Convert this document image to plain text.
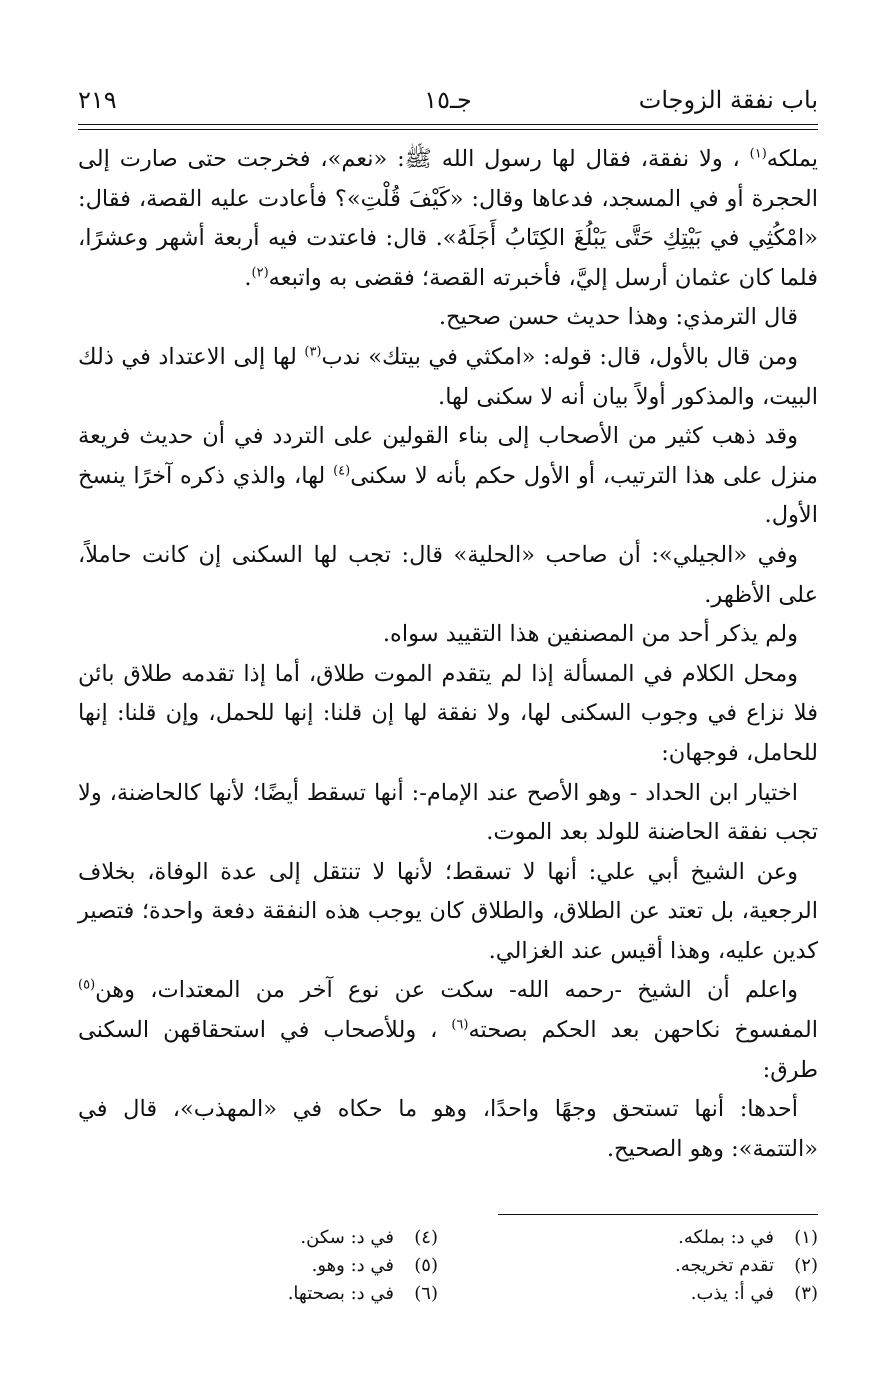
باب نفقة الزوجات
جـ١٥
٢١٩

يملكه$^{(١)}$ ، ولا نفقة، فقال لها رسول الله ﷺ: «نعم»، فخرجت حتى صارت إلى الحجرة أو في المسجد، فدعاها وقال: «كَيْفَ قُلْتِ»؟ فأعادت عليه القصة، فقال: «امْكُثِي في بَيْتِكِ حَتَّى يَبْلُغَ الكِتَابُ أَجَلَهُ». قال: فاعتدت فيه أربعة أشهر وعشرًا، فلما كان عثمان أرسل إليَّ، فأخبرته القصة؛ فقضى به واتبعه$^{(٢)}$.

قال الترمذي: وهذا حديث حسن صحيح.

ومن قال بالأول، قال: قوله: «امكثي في بيتك» ندب$^{(٣)}$ لها إلى الاعتداد في ذلك البيت، والمذكور أولاً بيان أنه لا سكنى لها.

وقد ذهب كثير من الأصحاب إلى بناء القولين على التردد في أن حديث فريعة منزل على هذا الترتيب، أو الأول حكم بأنه لا سكنى$^{(٤)}$ لها، والذي ذكره آخرًا ينسخ الأول.

وفي «الجيلي»: أن صاحب «الحلية» قال: تجب لها السكنى إن كانت حاملاً، على الأظهر.

ولم يذكر أحد من المصنفين هذا التقييد سواه.

ومحل الكلام في المسألة إذا لم يتقدم الموت طلاق، أما إذا تقدمه طلاق بائن فلا نزاع في وجوب السكنى لها، ولا نفقة لها إن قلنا: إنها للحمل، وإن قلنا: إنها للحامل، فوجهان:

اختيار ابن الحداد - وهو الأصح عند الإمام-: أنها تسقط أيضًا؛ لأنها كالحاضنة، ولا تجب نفقة الحاضنة للولد بعد الموت.

وعن الشيخ أبي علي: أنها لا تسقط؛ لأنها لا تنتقل إلى عدة الوفاة، بخلاف الرجعية، بل تعتد عن الطلاق، والطلاق كان يوجب هذه النفقة دفعة واحدة؛ فتصير كدين عليه، وهذا أقيس عند الغزالي.

واعلم أن الشيخ -رحمه الله- سكت عن نوع آخر من المعتدات، وهن$^{(٥)}$ المفسوخ نكاحهن بعد الحكم بصحته$^{(٦)}$ ، وللأصحاب في استحقاقهن السكنى طرق:

أحدها: أنها تستحق وجهًا واحدًا، وهو ما حكاه في «المهذب»، قال في «التتمة»: وهو الصحيح.

(١)
في د: بملكه.
(٢)
تقدم تخريجه.
(٣)
في أ: يذب.
(٤)
في د: سكن.
(٥)
في د: وهو.
(٦)
في د: بصحتها.
